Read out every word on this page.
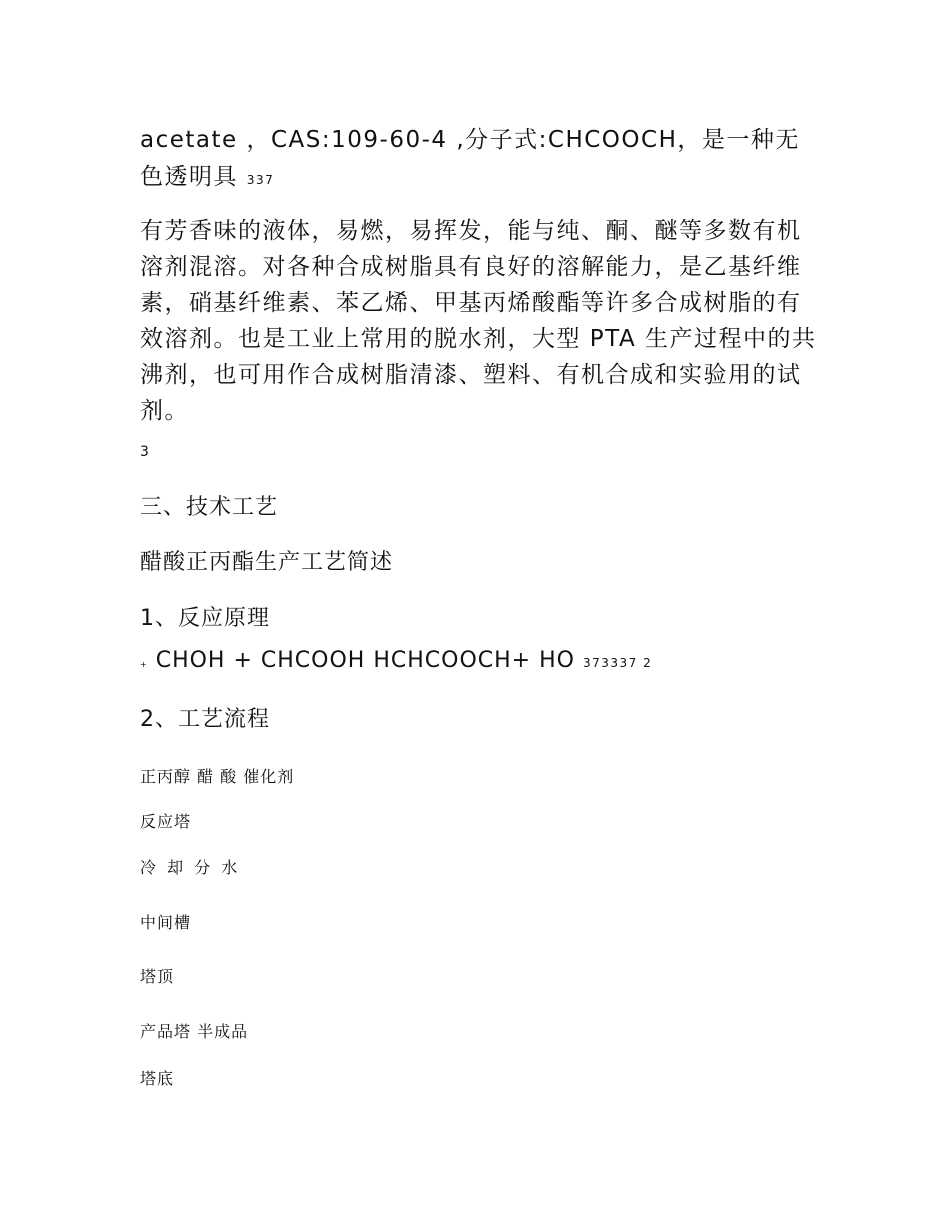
acetate ，CAS:109-60-4 ,分子式:CHCOOCH，是一种无
色透明具 337
有芳香味的液体，易燃，易挥发，能与纯、酮、醚等多数有机
溶剂混溶。对各种合成树脂具有良好的溶解能力，是乙基纤维
素，硝基纤维素、苯乙烯、甲基丙烯酸酯等许多合成树脂的有
效溶剂。也是工业上常用的脱水剂，大型 PTA 生产过程中的共
沸剂，也可用作合成树脂清漆、塑料、有机合成和实验用的试
剂。
3
三、技术工艺
醋酸正丙酯生产工艺简述
1、反应原理
+ CHOH + CHCOOH HCHCOOCH+ HO 373337 2
2、工艺流程
正丙醇 醋 酸 催化剂
反应塔
冷 却 分 水
中间槽
塔顶
产品塔 半成品
塔底
